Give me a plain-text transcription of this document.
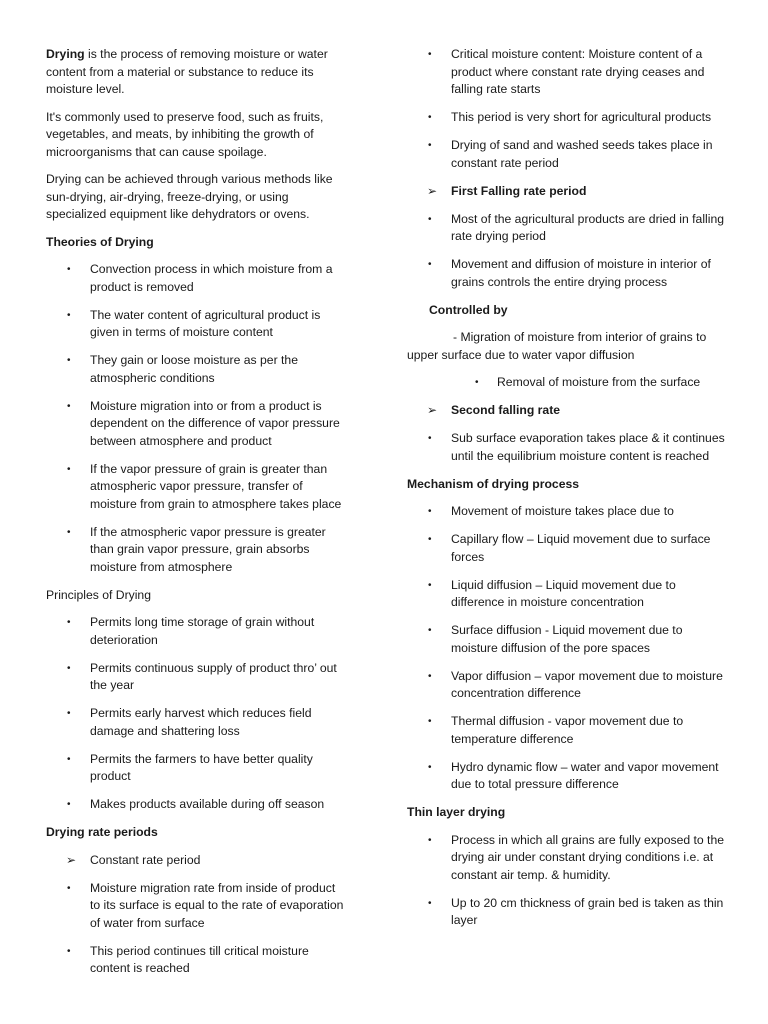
Drying is the process of removing moisture or water content from a material or substance to reduce its moisture level.

It's commonly used to preserve food, such as fruits, vegetables, and meats, by inhibiting the growth of microorganisms that can cause spoilage.

Drying can be achieved through various methods like sun-drying, air-drying, freeze-drying, or using specialized equipment like dehydrators or ovens.

Theories of Drying

• Convection process in which moisture from a product is removed
• The water content of agricultural product is given in terms of moisture content
• They gain or loose moisture as per the atmospheric conditions
• Moisture migration into or from a product is dependent on the difference of vapor pressure between atmosphere and product
• If the vapor pressure of grain is greater than atmospheric vapor pressure, transfer of moisture from grain to atmosphere takes place
• If the atmospheric vapor pressure is greater than grain vapor pressure, grain absorbs moisture from atmosphere

Principles of Drying

• Permits long time storage of grain without deterioration
• Permits continuous supply of product thro’ out the year
• Permits early harvest which reduces field damage and shattering loss
• Permits the farmers to have better quality product
• Makes products available during off season

Drying rate periods

➢ Constant rate period
• Moisture migration rate from inside of product to its surface is equal to the rate of evaporation of water from surface
• This period continues till critical moisture content is reached
• Critical moisture content: Moisture content of a product where constant rate drying ceases and falling rate starts
• This period is very short for agricultural products
• Drying of sand and washed seeds takes place in constant rate period
➢ First Falling rate period
• Most of the agricultural products are dried in falling rate drying period
• Movement and diffusion of moisture in interior of grains controls the entire drying process

Controlled by

- Migration of moisture from interior of grains to upper surface due to water vapor diffusion

• Removal of moisture from the surface
➢ Second falling rate
• Sub surface evaporation takes place & it continues until the equilibrium moisture content is reached

Mechanism of drying process

• Movement of moisture takes place due to
• Capillary flow – Liquid movement due to surface forces
• Liquid diffusion – Liquid movement due to difference in moisture concentration
• Surface diffusion - Liquid movement due to moisture diffusion of the pore spaces
• Vapor diffusion – vapor movement due to moisture concentration difference
• Thermal diffusion - vapor movement due to temperature difference
• Hydro dynamic flow – water and vapor movement due to total pressure difference

Thin layer drying

• Process in which all grains are fully exposed to the drying air under constant drying conditions i.e. at constant air temp. & humidity.
• Up to 20 cm thickness of grain bed is taken as thin layer
